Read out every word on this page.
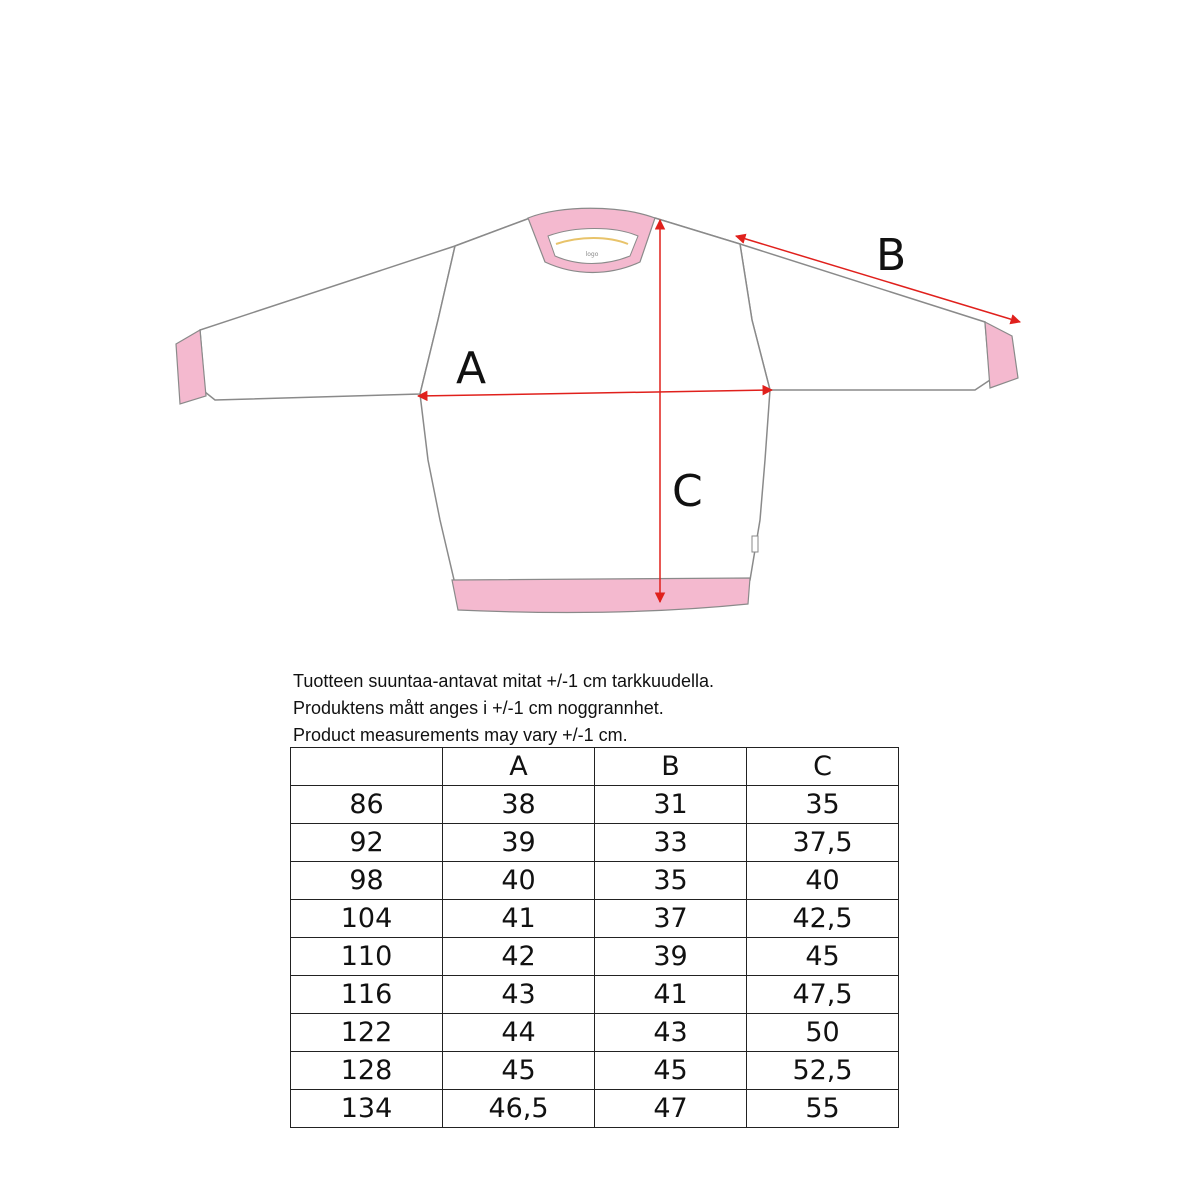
logo
A
B
C
Tuotteen suuntaa-antavat mitat +/-1 cm tarkkuudella.
Produktens mått anges i +/-1 cm noggrannhet.
Product measurements may vary +/-1 cm.
	A	B	C
86	38	31	35
92	39	33	37,5
98	40	35	40
104	41	37	42,5
110	42	39	45
116	43	41	47,5
122	44	43	50
128	45	45	52,5
134	46,5	47	55
